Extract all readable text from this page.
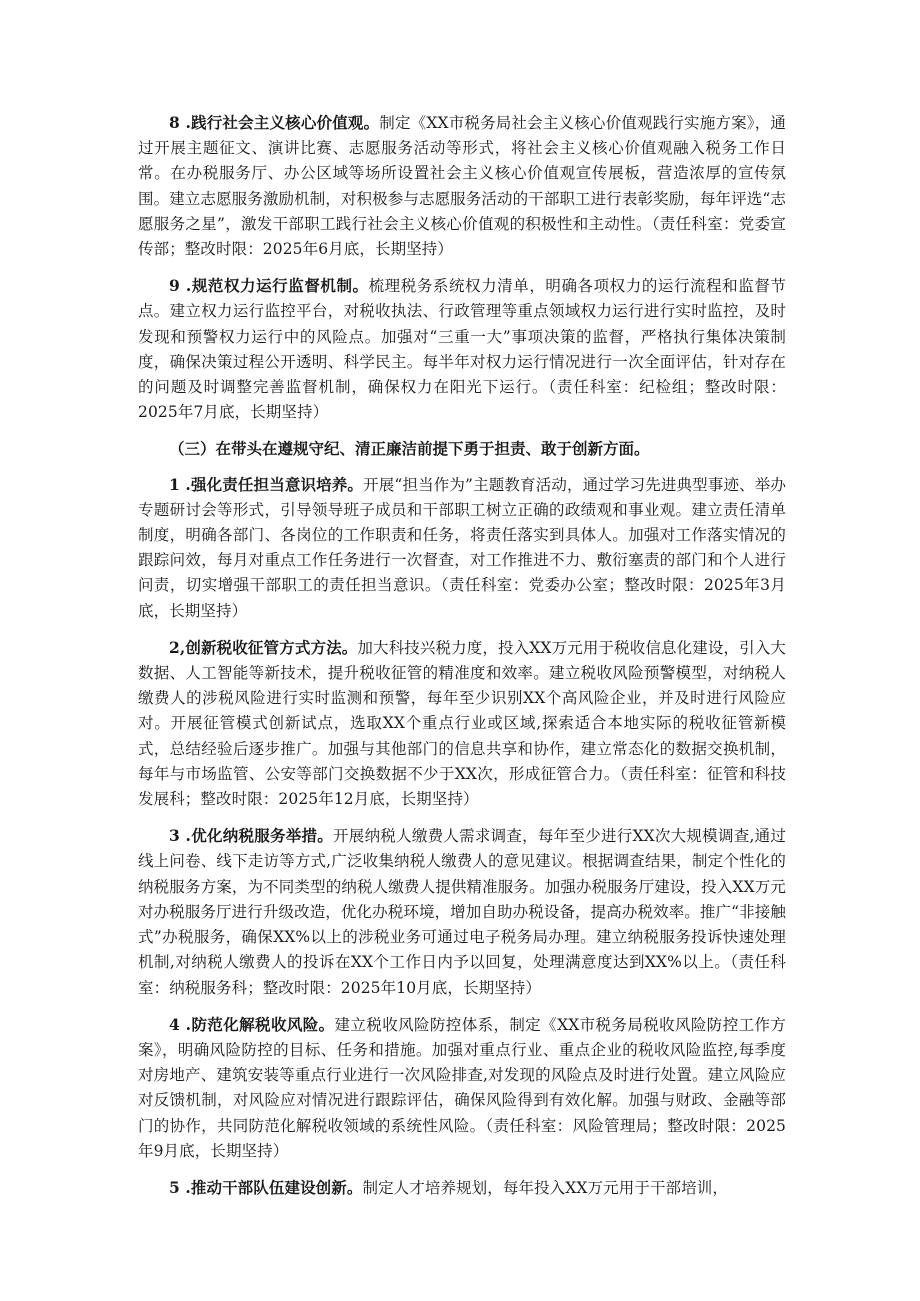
8 .践行社会主义核心价值观。制定《XX市税务局社会主义核心价值观践行实施方案》，通过开展主题征文、演讲比赛、志愿服务活动等形式，将社会主义核心价值观融入税务工作日常。在办税服务厅、办公区域等场所设置社会主义核心价值观宣传展板，营造浓厚的宣传氛围。建立志愿服务激励机制，对积极参与志愿服务活动的干部职工进行表彰奖励，每年评选“志愿服务之星”，激发干部职工践行社会主义核心价值观的积极性和主动性。（责任科室：党委宣传部；整改时限：2025年6月底，长期坚持）

9 .规范权力运行监督机制。梳理税务系统权力清单，明确各项权力的运行流程和监督节点。建立权力运行监控平台，对税收执法、行政管理等重点领域权力运行进行实时监控，及时发现和预警权力运行中的风险点。加强对“三重一大”事项决策的监督，严格执行集体决策制度，确保决策过程公开透明、科学民主。每半年对权力运行情况进行一次全面评估，针对存在的问题及时调整完善监督机制，确保权力在阳光下运行。（责任科室：纪检组；整改时限：2025年7月底，长期坚持）

（三）在带头在遵规守纪、清正廉洁前提下勇于担责、敢于创新方面。

1 .强化责任担当意识培养。开展“担当作为”主题教育活动，通过学习先进典型事迹、举办专题研讨会等形式，引导领导班子成员和干部职工树立正确的政绩观和事业观。建立责任清单制度，明确各部门、各岗位的工作职责和任务，将责任落实到具体人。加强对工作落实情况的跟踪问效，每月对重点工作任务进行一次督查，对工作推进不力、敷衍塞责的部门和个人进行问责，切实增强干部职工的责任担当意识。（责任科室：党委办公室；整改时限：2025年3月底，长期坚持）

2,创新税收征管方式方法。加大科技兴税力度，投入XX万元用于税收信息化建设，引入大数据、人工智能等新技术，提升税收征管的精准度和效率。建立税收风险预警模型，对纳税人缴费人的涉税风险进行实时监测和预警，每年至少识别XX个高风险企业，并及时进行风险应对。开展征管模式创新试点，选取XX个重点行业或区域,探索适合本地实际的税收征管新模式，总结经验后逐步推广。加强与其他部门的信息共享和协作，建立常态化的数据交换机制，每年与市场监管、公安等部门交换数据不少于XX次，形成征管合力。（责任科室：征管和科技发展科；整改时限：2025年12月底，长期坚持）

3 .优化纳税服务举措。开展纳税人缴费人需求调查，每年至少进行XX次大规模调查,通过线上问卷、线下走访等方式,广泛收集纳税人缴费人的意见建议。根据调查结果，制定个性化的纳税服务方案，为不同类型的纳税人缴费人提供精准服务。加强办税服务厅建设，投入XX万元对办税服务厅进行升级改造，优化办税环境，增加自助办税设备，提高办税效率。推广“非接触式”办税服务，确保XX%以上的涉税业务可通过电子税务局办理。建立纳税服务投诉快速处理机制,对纳税人缴费人的投诉在XX个工作日内予以回复，处理满意度达到XX%以上。（责任科室：纳税服务科；整改时限：2025年10月底，长期坚持）

4 .防范化解税收风险。建立税收风险防控体系，制定《XX市税务局税收风险防控工作方案》，明确风险防控的目标、任务和措施。加强对重点行业、重点企业的税收风险监控,每季度对房地产、建筑安装等重点行业进行一次风险排查,对发现的风险点及时进行处置。建立风险应对反馈机制，对风险应对情况进行跟踪评估，确保风险得到有效化解。加强与财政、金融等部门的协作，共同防范化解税收领域的系统性风险。（责任科室：风险管理局；整改时限：2025年9月底，长期坚持）

5 .推动干部队伍建设创新。制定人才培养规划，每年投入XX万元用于干部培训，
